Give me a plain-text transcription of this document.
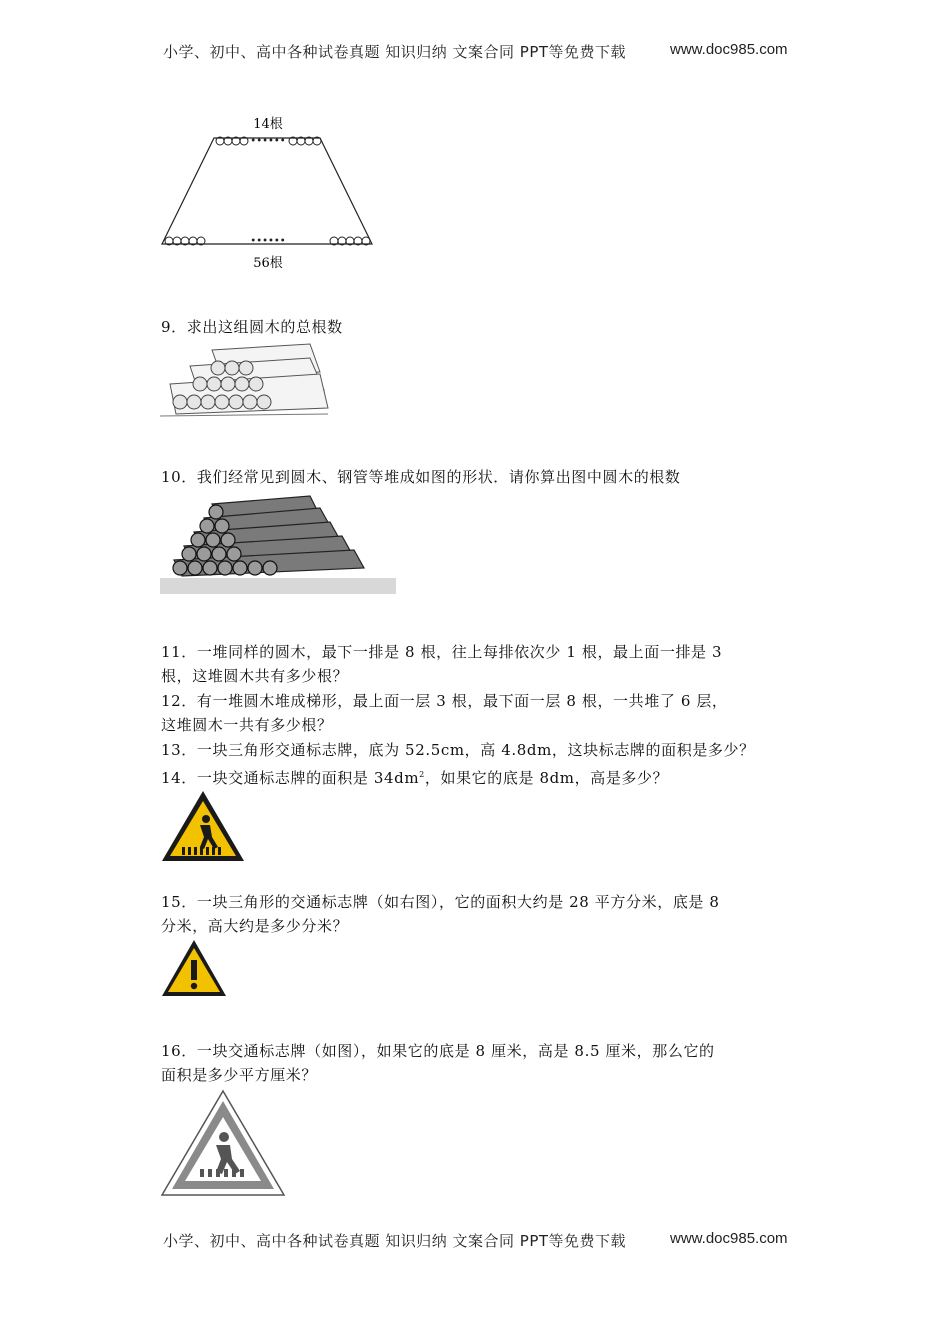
小学、初中、高中各种试卷真题 知识归纳 文案合同 PPT等免费下载	www.doc985.com
14根
••••••
••••••
56根
9．求出这组圆木的总根数
10．我们经常见到圆木、钢管等堆成如图的形状．请你算出图中圆木的根数
11．一堆同样的圆木，最下一排是 8 根，往上每排依次少 1 根，最上面一排是 3
根，这堆圆木共有多少根？
12．有一堆圆木堆成梯形，最上面一层 3 根，最下面一层 8 根，一共堆了 6 层，
这堆圆木一共有多少根？
13．一块三角形交通标志牌，底为 52.5cm，高 4.8dm，这块标志牌的面积是多少？
14．一块交通标志牌的面积是 $34dm^2$，如果它的底是 8dm，高是多少？
15．一块三角形的交通标志牌（如右图），它的面积大约是 28 平方分米，底是 8
分米，高大约是多少分米？
16．一块交通标志牌（如图），如果它的底是 8 厘米，高是 8.5 厘米，那么它的
面积是多少平方厘米？
小学、初中、高中各种试卷真题 知识归纳 文案合同 PPT等免费下载	www.doc985.com
